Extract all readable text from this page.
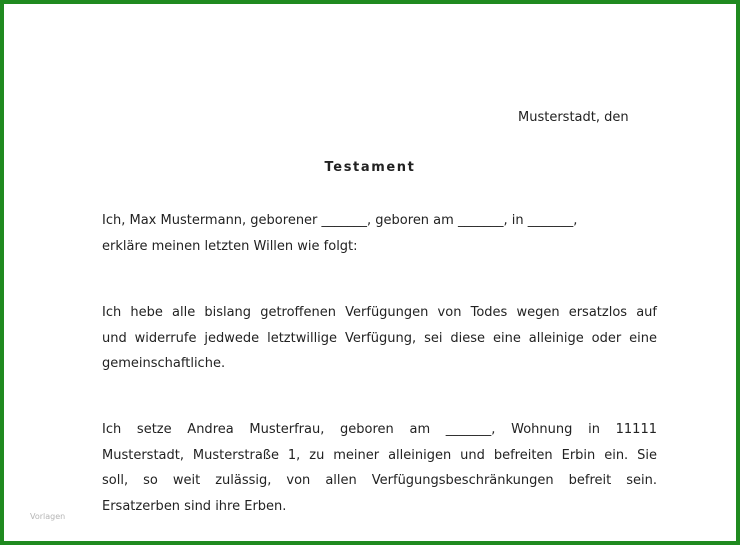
Musterstadt, den
Testament
Ich, Max Mustermann, geborener _______, geboren am _______, in _______,
erkläre meinen letzten Willen wie folgt:
Ich hebe alle bislang getroffenen Verfügungen von Todes wegen ersatzlos auf
und widerrufe jedwede letztwillige Verfügung, sei diese eine alleinige oder eine
gemeinschaftliche.
Ich setze Andrea Musterfrau, geboren am _______, Wohnung in 11111
Musterstadt, Musterstraße 1, zu meiner alleinigen und befreiten Erbin ein. Sie
soll, so weit zulässig, von allen Verfügungsbeschränkungen befreit sein.
Ersatzerben sind ihre Erben.
Vorlagen
